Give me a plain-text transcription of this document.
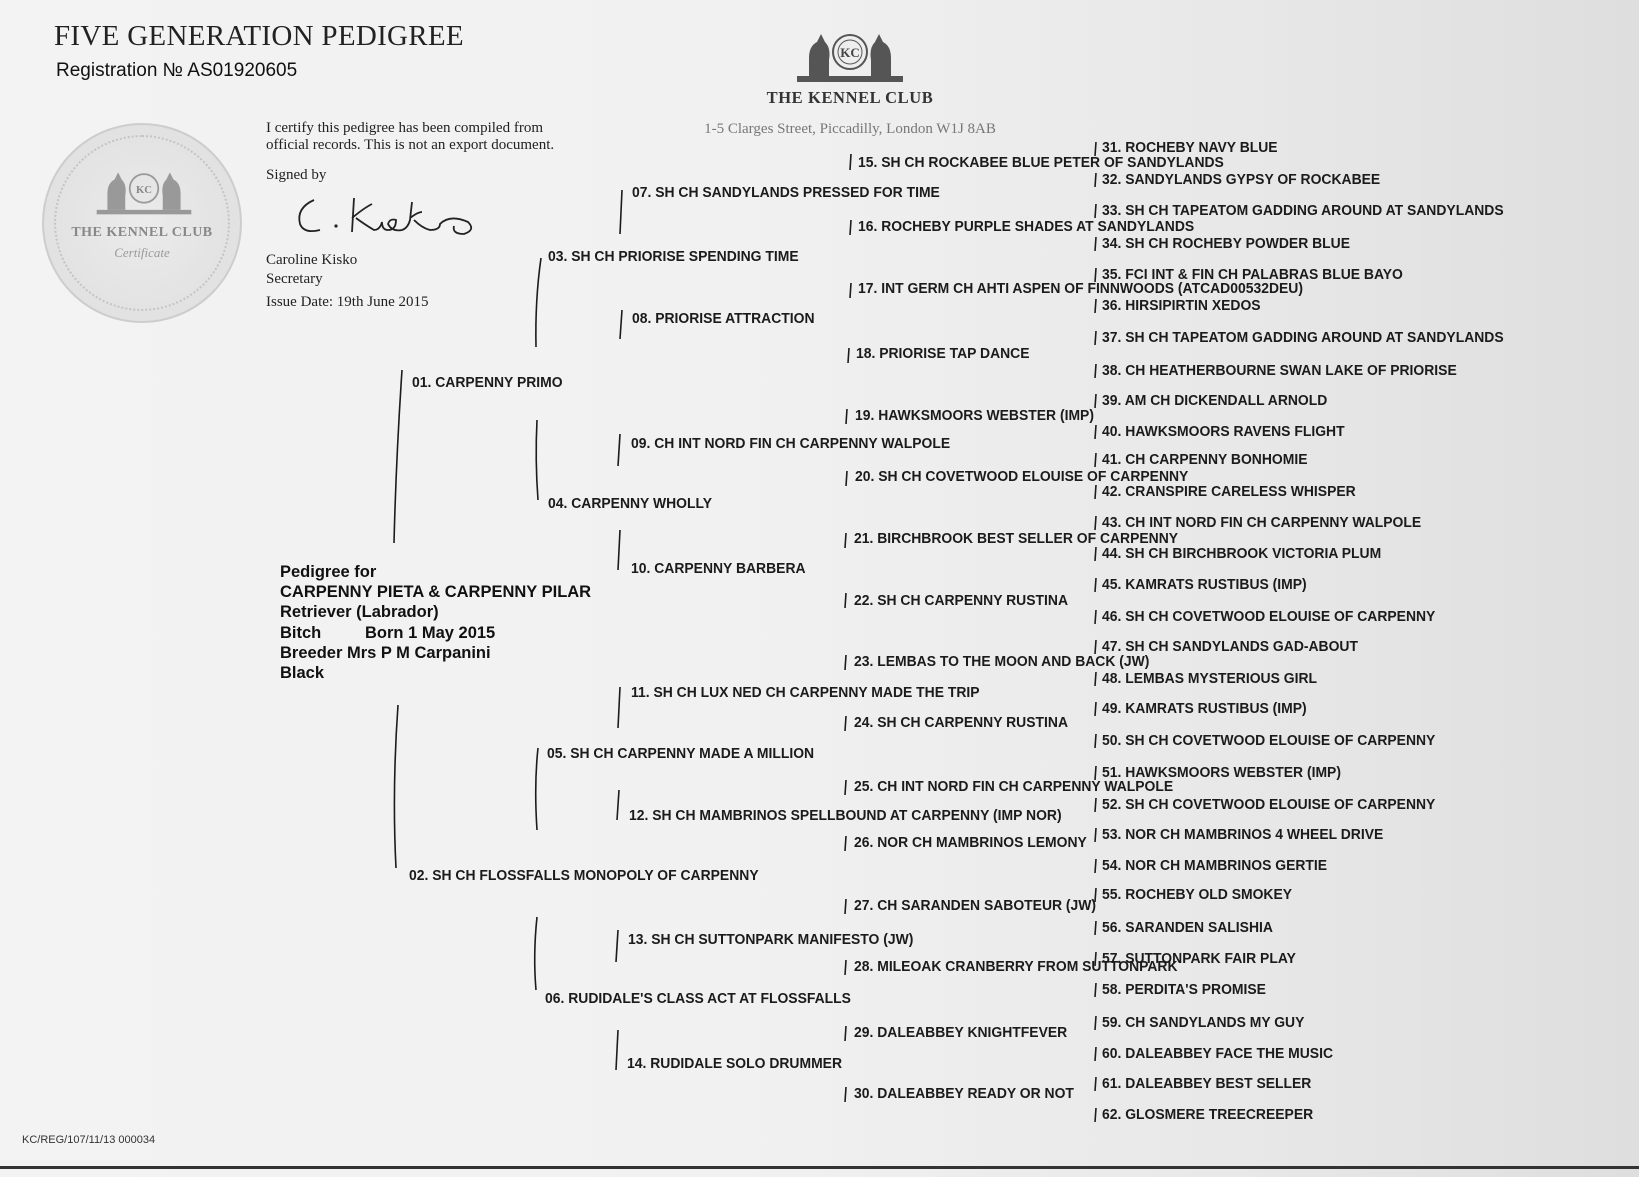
FIVE GENERATION PEDIGREE
Registration № AS01920605
KC
THE KENNEL CLUB
1-5 Clarges Street, Piccadilly, London W1J 8AB
KC
THE KENNEL CLUB
Certificate
I certify this pedigree has been compiled from
official records. This is not an export document.
Signed by
Caroline Kisko
Secretary
Issue Date: 19th June 2015
Pedigree for
CARPENNY PIETA & CARPENNY PILAR
Retriever (Labrador)
Bitch	Born 1 May 2015
Breeder Mrs P M Carpanini
Black
01. CARPENNY PRIMO
02. SH CH FLOSSFALLS MONOPOLY OF CARPENNY
03. SH CH PRIORISE SPENDING TIME
04. CARPENNY WHOLLY
05. SH CH CARPENNY MADE A MILLION
06. RUDIDALE'S CLASS ACT AT FLOSSFALLS
07. SH CH SANDYLANDS PRESSED FOR TIME
08. PRIORISE ATTRACTION
09. CH INT NORD FIN CH CARPENNY WALPOLE
10. CARPENNY BARBERA
11. SH CH LUX NED CH CARPENNY MADE THE TRIP
12. SH CH MAMBRINOS SPELLBOUND AT CARPENNY (IMP NOR)
13. SH CH SUTTONPARK MANIFESTO (JW)
14. RUDIDALE SOLO DRUMMER
15. SH CH ROCKABEE BLUE PETER OF SANDYLANDS
16. ROCHEBY PURPLE SHADES AT SANDYLANDS
17. INT GERM CH AHTI ASPEN OF FINNWOODS (ATCAD00532DEU)
18. PRIORISE TAP DANCE
19. HAWKSMOORS WEBSTER (IMP)
20. SH CH COVETWOOD ELOUISE OF CARPENNY
21. BIRCHBROOK BEST SELLER OF CARPENNY
22. SH CH CARPENNY RUSTINA
23. LEMBAS TO THE MOON AND BACK (JW)
24. SH CH CARPENNY RUSTINA
25. CH INT NORD FIN CH CARPENNY WALPOLE
26. NOR CH MAMBRINOS LEMONY
27. CH SARANDEN SABOTEUR (JW)
28. MILEOAK CRANBERRY FROM SUTTONPARK
29. DALEABBEY KNIGHTFEVER
30. DALEABBEY READY OR NOT
31. ROCHEBY NAVY BLUE
32. SANDYLANDS GYPSY OF ROCKABEE
33. SH CH TAPEATOM GADDING AROUND AT SANDYLANDS
34. SH CH ROCHEBY POWDER BLUE
35. FCI INT & FIN CH PALABRAS BLUE BAYO
36. HIRSIPIRTIN XEDOS
37. SH CH TAPEATOM GADDING AROUND AT SANDYLANDS
38. CH HEATHERBOURNE SWAN LAKE OF PRIORISE
39. AM CH DICKENDALL ARNOLD
40. HAWKSMOORS RAVENS FLIGHT
41. CH CARPENNY BONHOMIE
42. CRANSPIRE CARELESS WHISPER
43. CH INT NORD FIN CH CARPENNY WALPOLE
44. SH CH BIRCHBROOK VICTORIA PLUM
45. KAMRATS RUSTIBUS (IMP)
46. SH CH COVETWOOD ELOUISE OF CARPENNY
47. SH CH SANDYLANDS GAD-ABOUT
48. LEMBAS MYSTERIOUS GIRL
49. KAMRATS RUSTIBUS (IMP)
50. SH CH COVETWOOD ELOUISE OF CARPENNY
51. HAWKSMOORS WEBSTER (IMP)
52. SH CH COVETWOOD ELOUISE OF CARPENNY
53. NOR CH MAMBRINOS 4 WHEEL DRIVE
54. NOR CH MAMBRINOS GERTIE
55. ROCHEBY OLD SMOKEY
56. SARANDEN SALISHIA
57. SUTTONPARK FAIR PLAY
58. PERDITA'S PROMISE
59. CH SANDYLANDS MY GUY
60. DALEABBEY FACE THE MUSIC
61. DALEABBEY BEST SELLER
62. GLOSMERE TREECREEPER
KC/REG/107/11/13 000034
